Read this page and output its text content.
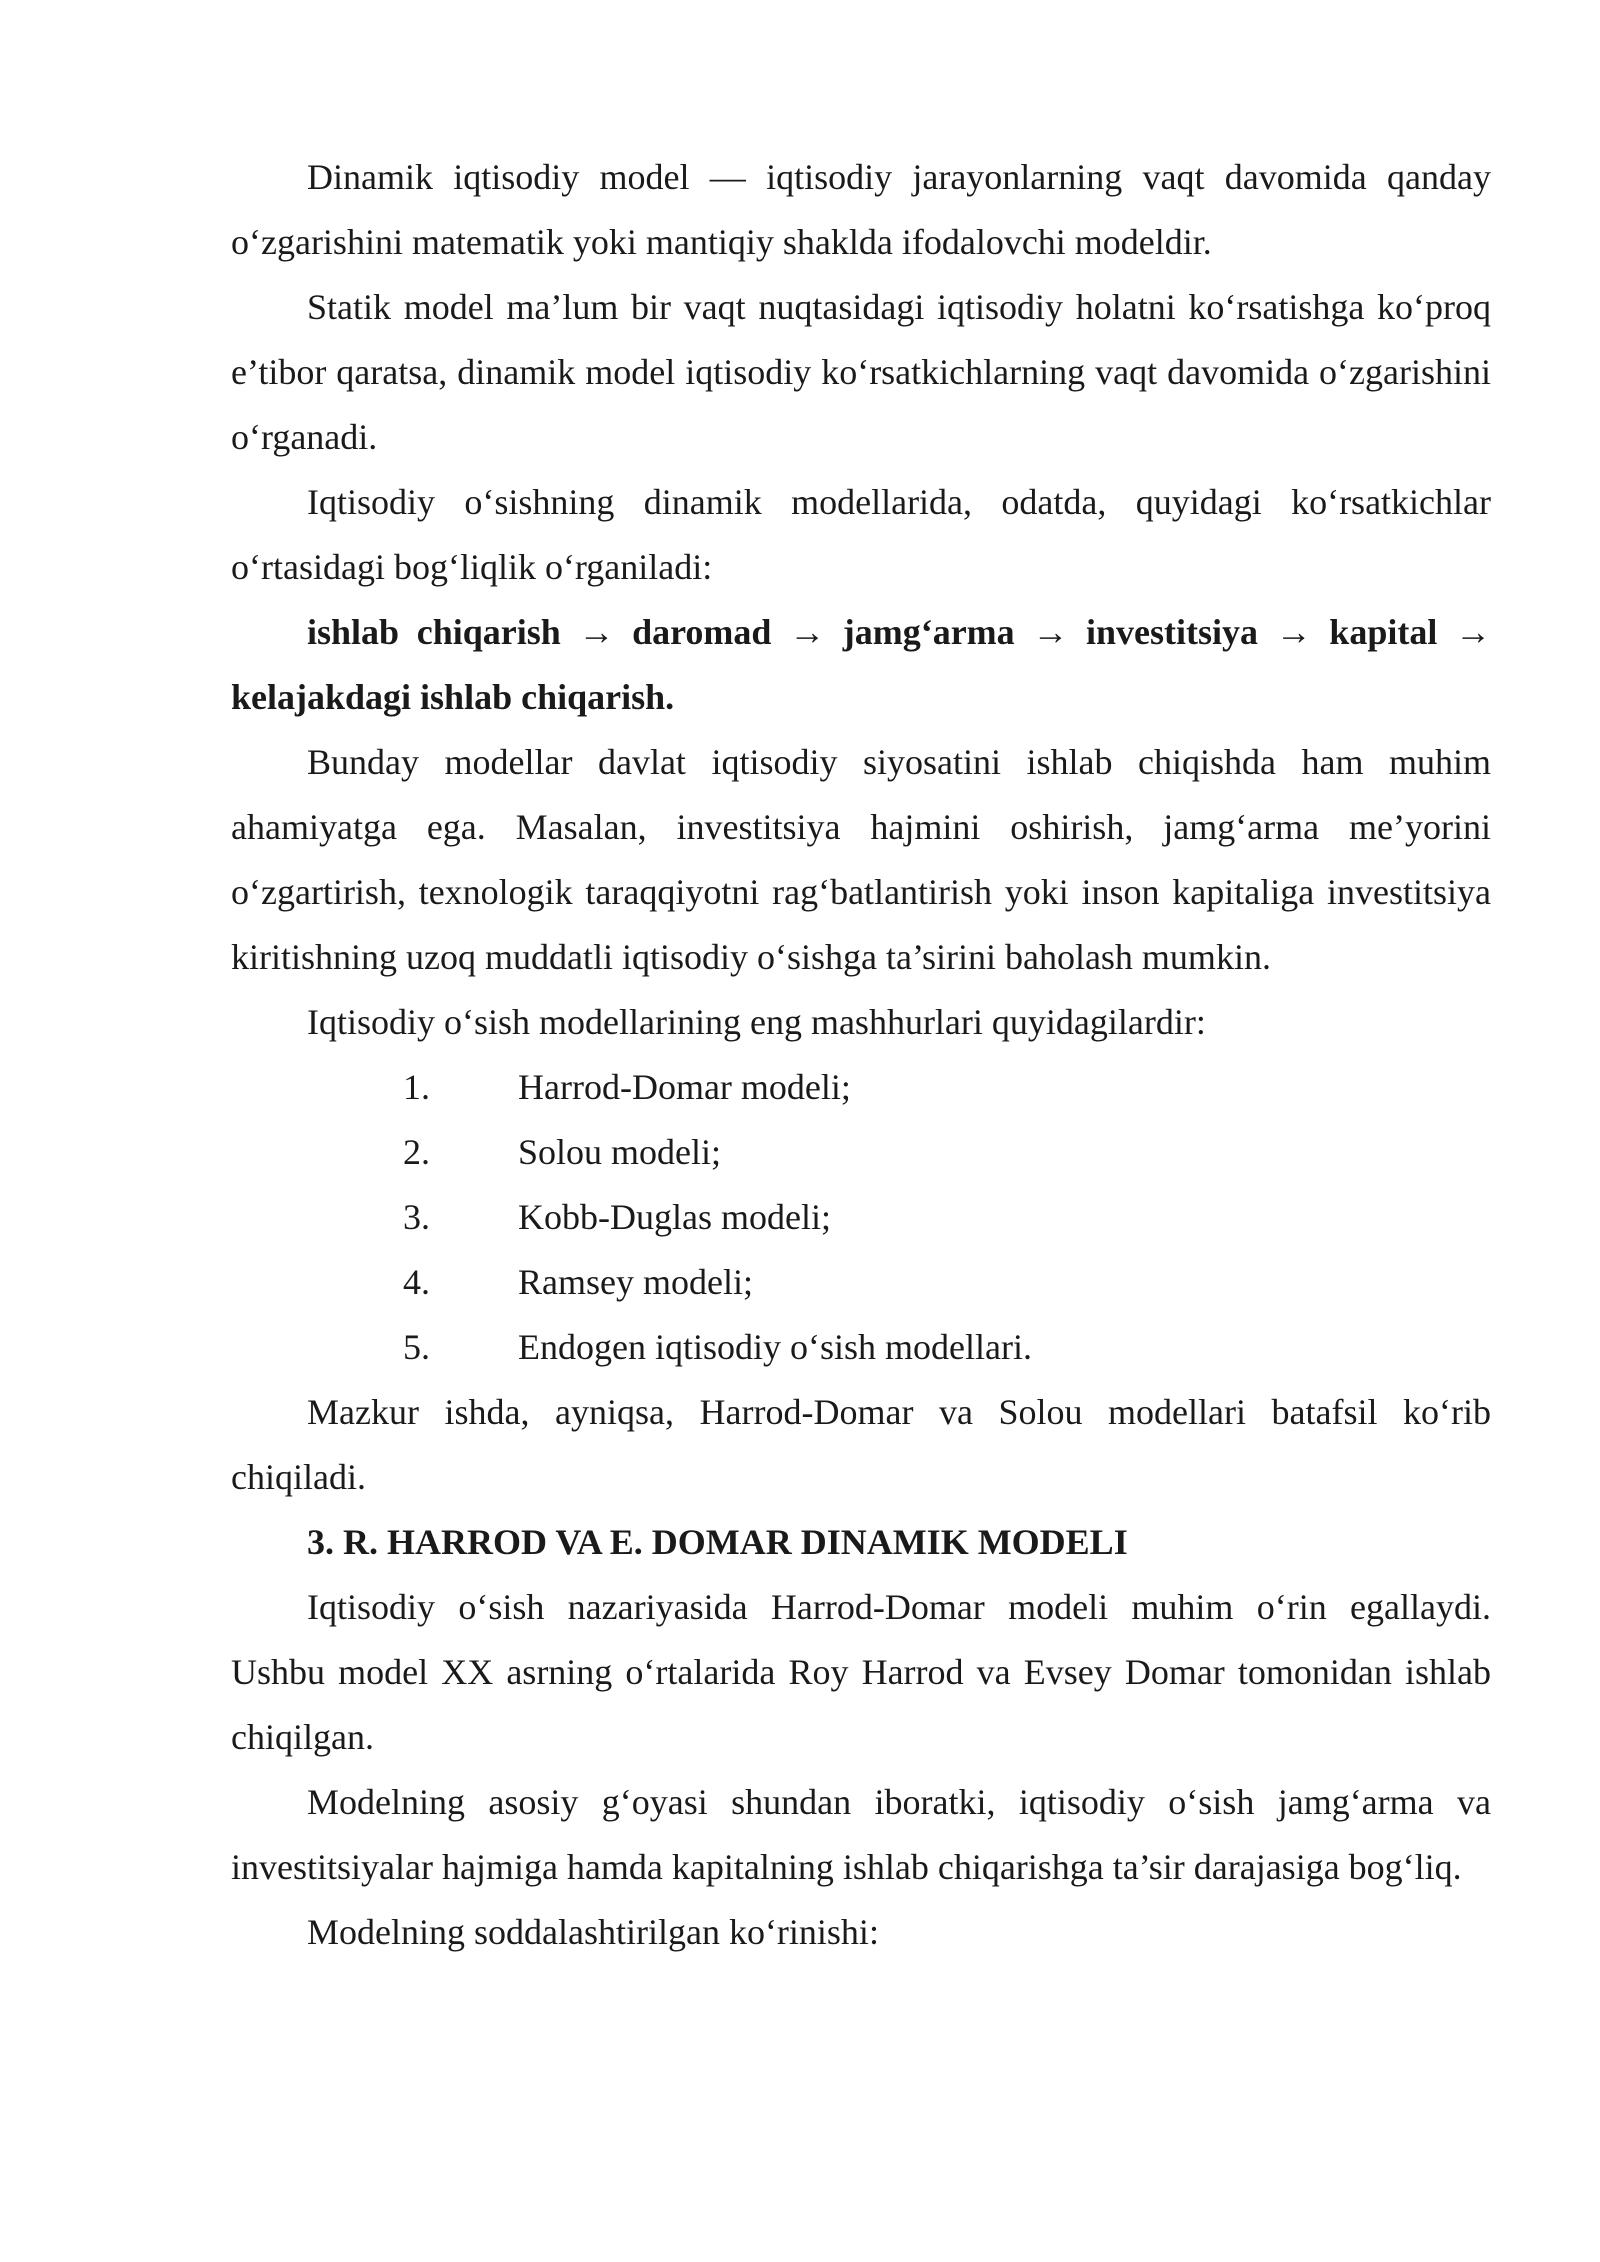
Dinamik iqtisodiy model — iqtisodiy jarayonlarning vaqt davomida qanday o‘zgarishini matematik yoki mantiqiy shaklda ifodalovchi modeldir.

Statik model ma’lum bir vaqt nuqtasidagi iqtisodiy holatni ko‘rsatishga ko‘proq e’tibor qaratsa, dinamik model iqtisodiy ko‘rsatkichlarning vaqt davomida o‘zgarishini o‘rganadi.

Iqtisodiy o‘sishning dinamik modellarida, odatda, quyidagi ko‘rsatkichlar o‘rtasidagi bog‘liqlik o‘rganiladi:

ishlab chiqarish → daromad → jamg‘arma → investitsiya → kapital → kelajakdagi ishlab chiqarish.

Bunday modellar davlat iqtisodiy siyosatini ishlab chiqishda ham muhim ahamiyatga ega. Masalan, investitsiya hajmini oshirish, jamg‘arma me’yorini o‘zgartirish, texnologik taraqqiyotni rag‘batlantirish yoki inson kapitaliga investitsiya kiritishning uzoq muddatli iqtisodiy o‘sishga ta’sirini baholash mumkin.

Iqtisodiy o‘sish modellarining eng mashhurlari quyidagilardir:

1.	Harrod-Domar modeli;
2.	Solou modeli;
3.	Kobb-Duglas modeli;
4.	Ramsey modeli;
5.	Endogen iqtisodiy o‘sish modellari.

Mazkur ishda, ayniqsa, Harrod-Domar va Solou modellari batafsil ko‘rib chiqiladi.

3. R. HARROD VA E. DOMAR DINAMIK MODELI

Iqtisodiy o‘sish nazariyasida Harrod-Domar modeli muhim o‘rin egallaydi. Ushbu model XX asrning o‘rtalarida Roy Harrod va Evsey Domar tomonidan ishlab chiqilgan.

Modelning asosiy g‘oyasi shundan iboratki, iqtisodiy o‘sish jamg‘arma va investitsiyalar hajmiga hamda kapitalning ishlab chiqarishga ta’sir darajasiga bog‘liq.

Modelning soddalashtirilgan ko‘rinishi:
